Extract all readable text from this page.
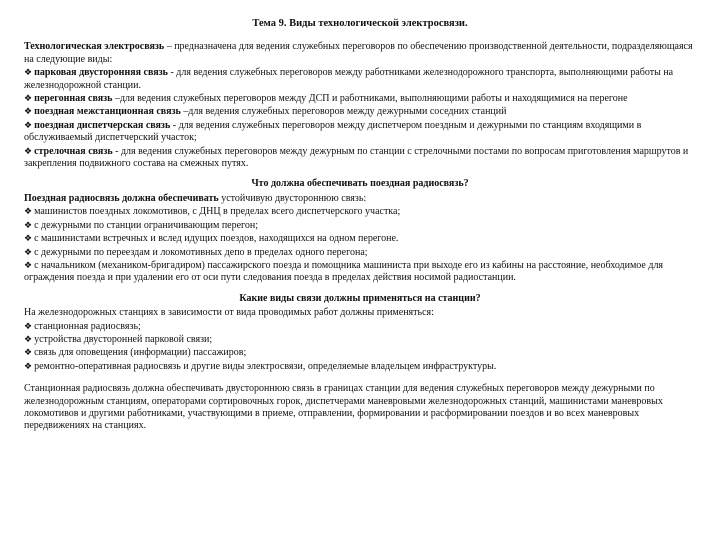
Тема 9. Виды технологической электросвязи.

Технологическая электросвязь – предназначена для ведения служебных переговоров по обеспечению производственной деятельности, подразделяющаяся на следующие виды:

❖ парковая двусторонняя связь - для ведения служебных переговоров между работниками железнодорожного транспорта, выполняющими работы на железнодорожной станции.

❖ перегонная связь –для ведения служебных переговоров между ДСП и работниками, выполняющими работы и находящимися на перегоне

❖ поездная межстанционная связь –для ведения служебных переговоров между дежурными соседних станций

❖ поездная диспетчерская связь - для ведения служебных переговоров между диспетчером поездным и дежурными по станциям входящими в обслуживаемый диспетчерский участок;

❖ стрелочная связь - для ведения служебных переговоров между дежурным по станции с стрелочными постами по вопросам приготовления маршрутов и закрепления подвижного состава на смежных путях.

Что должна обеспечивать поездная радиосвязь?

Поездная радиосвязь должна обеспечивать устойчивую двустороннюю связь:

❖ машинистов поездных локомотивов, с ДНЦ в пределах всего диспетчерского участка;

❖ с дежурными по станции ограничивающим перегон;

❖ с машинистами встречных и вслед идущих поездов, находящихся на одном перегоне.

❖ с дежурными по переездам и локомотивных депо в пределах одного перегона;

❖ с начальником (механиком-бригадиром) пассажирского поезда и помощника машиниста при выходе его из кабины на расстояние, необходимое для ограждения поезда и при удалении его от оси пути следования поезда в пределах действия носимой радиостанции.

Какие виды связи должны применяться на станции?

На железнодорожных станциях в зависимости от вида проводимых работ должны применяться:

❖ станционная радиосвязь;

❖ устройства двусторонней парковой связи;

❖ связь для оповещения (информации) пассажиров;

❖ ремонтно-оперативная радиосвязь и другие виды электросвязи, определяемые владельцем инфраструктуры.

Станционная радиосвязь должна обеспечивать двустороннюю связь в границах станции для ведения служебных переговоров между дежурными по железнодорожным станциям, операторами сортировочных горок, диспетчерами маневровыми железнодорожных станций, машинистами маневровых локомотивов и другими работниками, участвующими в приеме, отправлении, формировании и расформировании поездов и во всех маневровых передвижениях на станциях.
